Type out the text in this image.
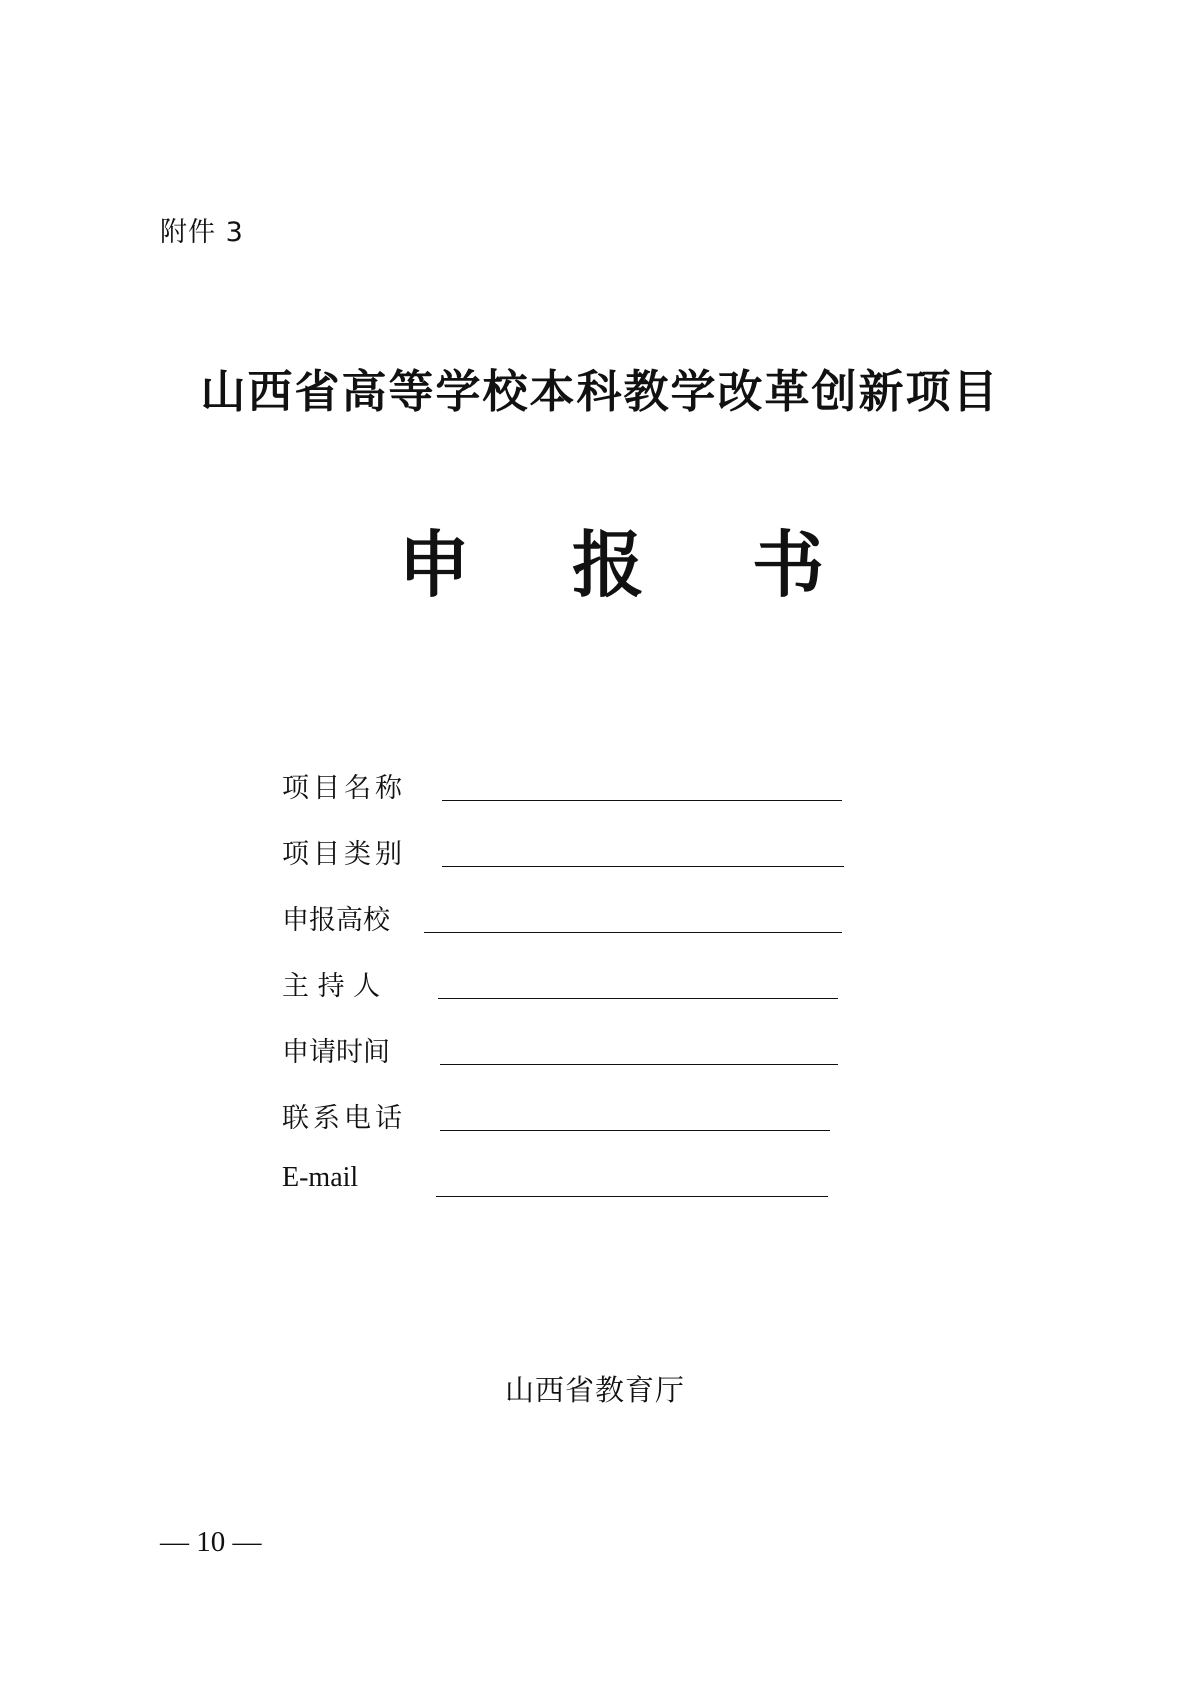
附件 3
山西省高等学校本科教学改革创新项目
申 报 书
项目名称
项目类别
申报高校
主 持 人
申请时间
联系电话
E-mail
山西省教育厅
— 10 —
